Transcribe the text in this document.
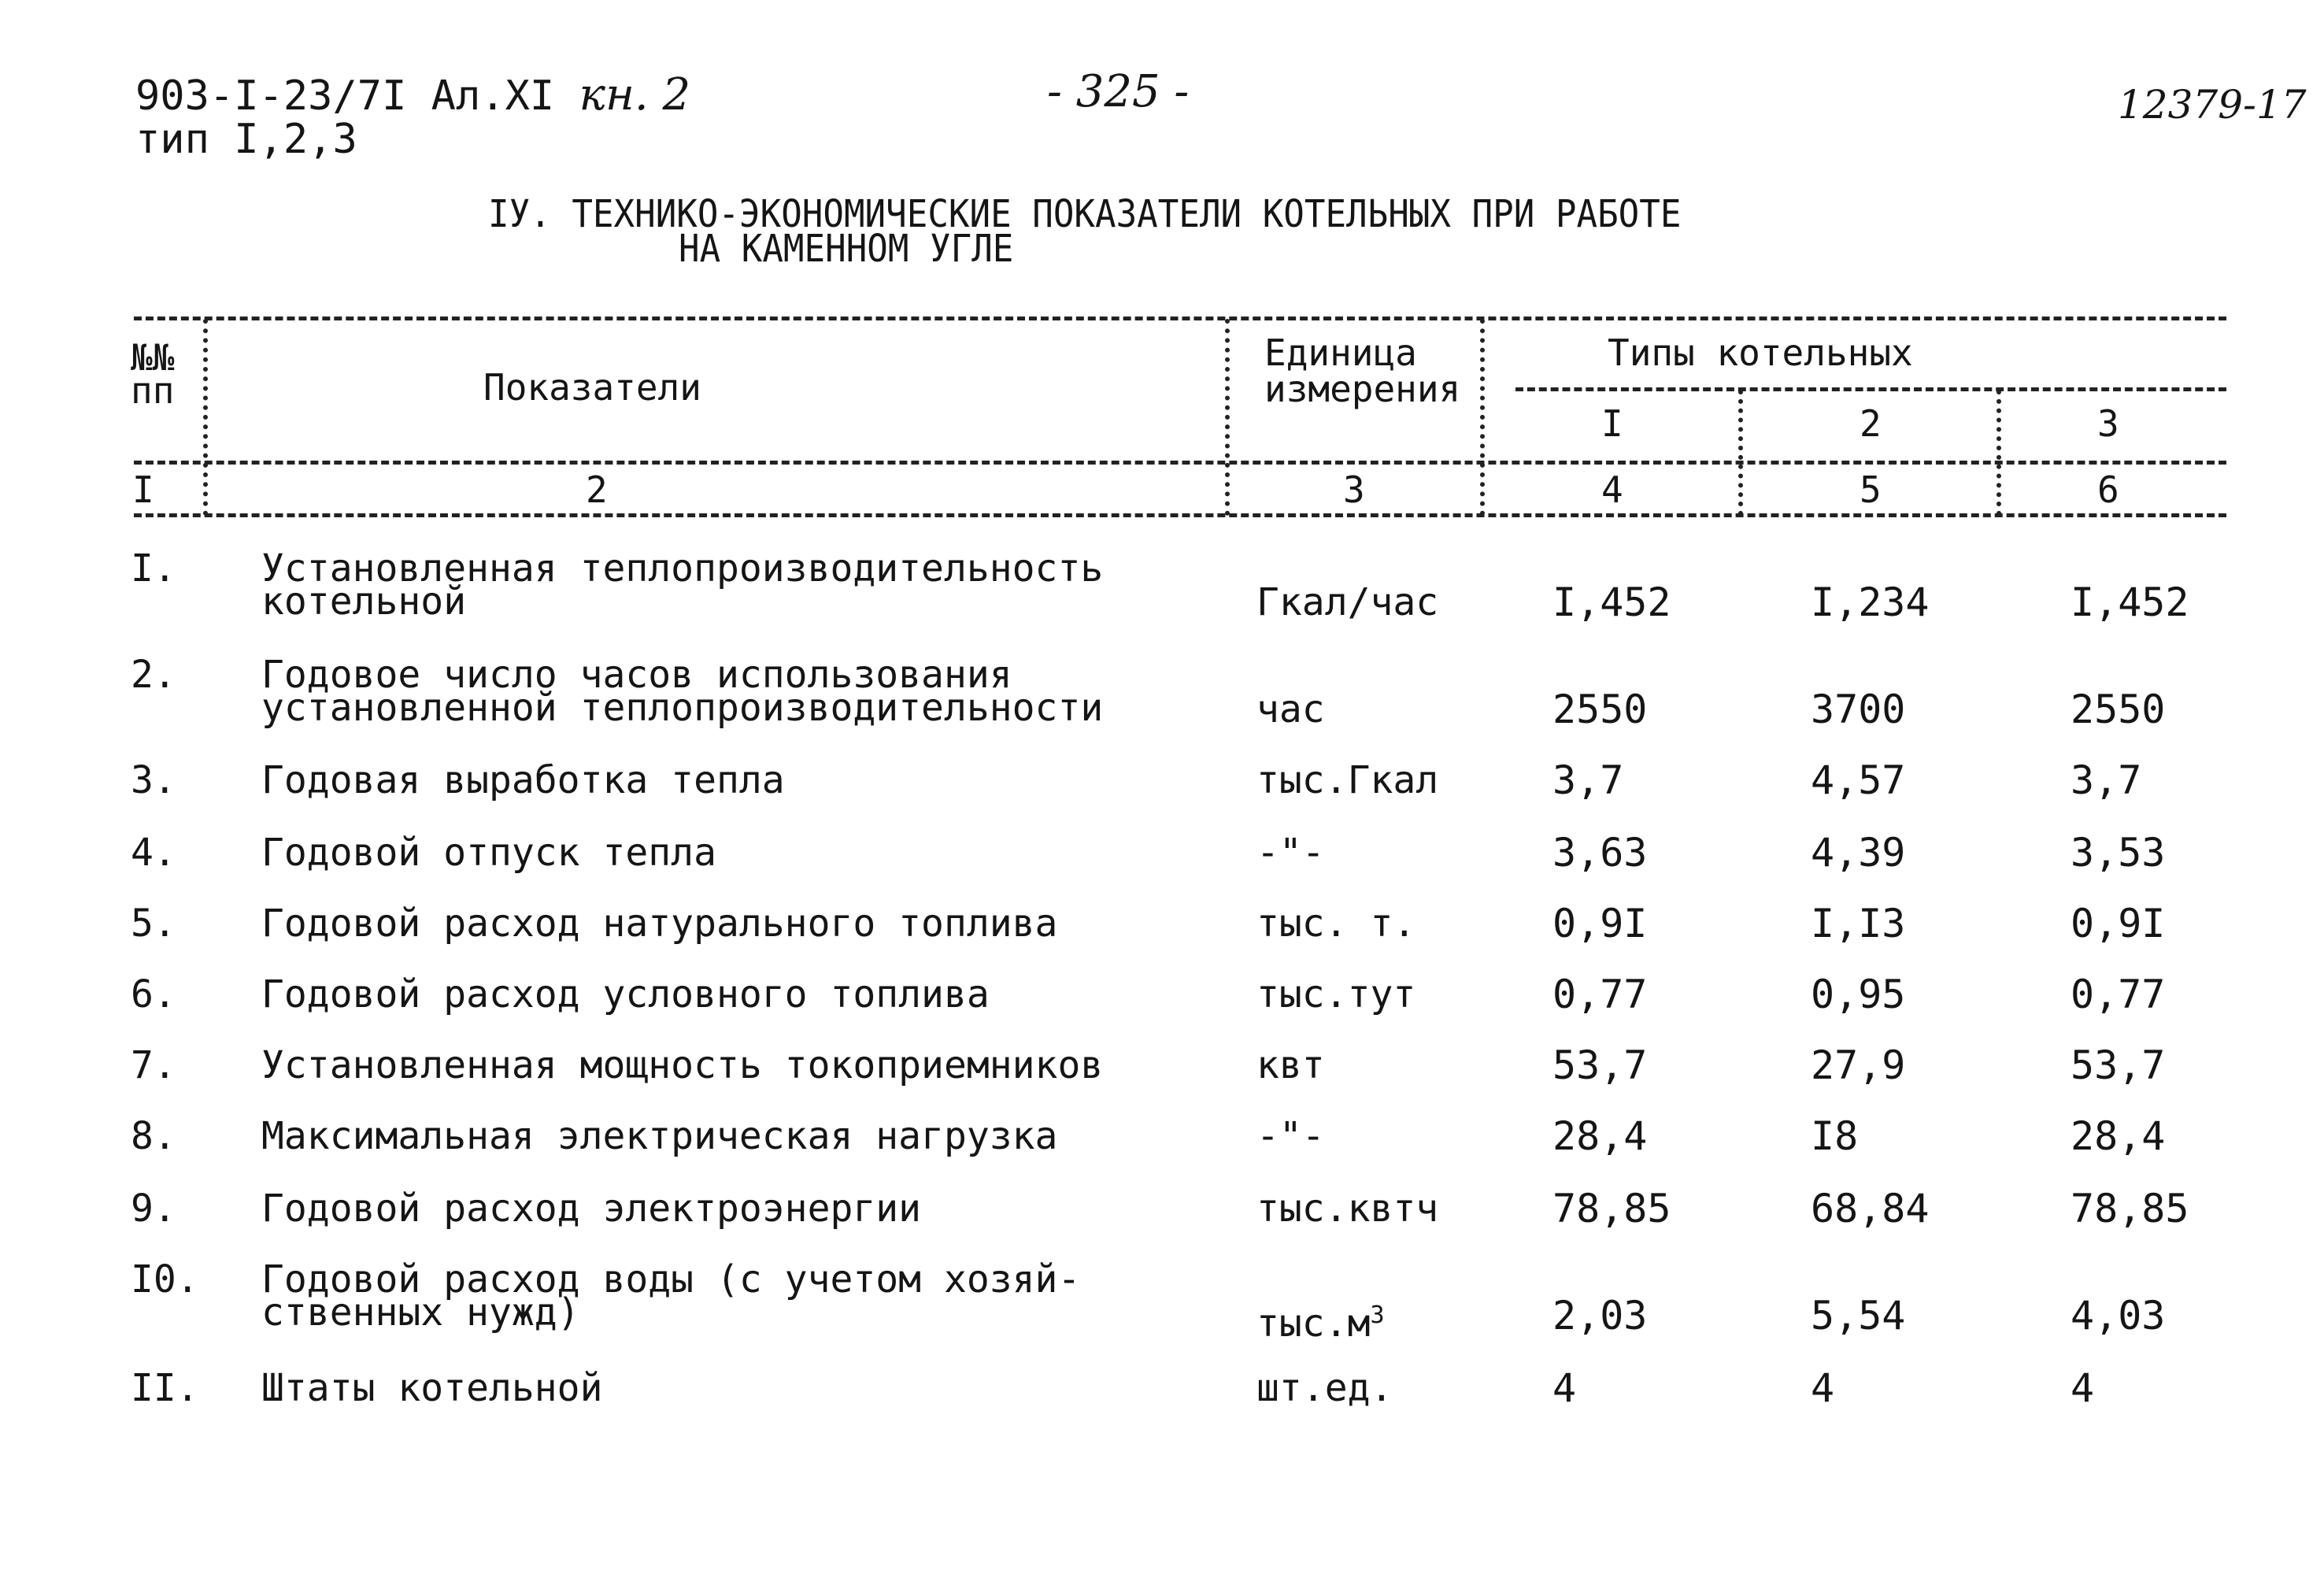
903-I-23/7I Ал.XI кн. 2
тип I,2,3
- 325 -	12379-17
IУ. ТЕХНИКО-ЭКОНОМИЧЕСКИЕ ПОКАЗАТЕЛИ КОТЕЛЬНЫХ ПРИ РАБОТЕ
НА КАМЕННОМ УГЛЕ
№№
пп	Показатели
Единица
измерения
Типы котельных
I	2	3
I	2	3	4	5	6
I. Установленная теплопроизводительность
котельной	Гкал/час	I,452	I,234	I,452
2. Годовое число часов использования
установленной теплопроизводительности	час	2550	3700	2550
3. Годовая выработка тепла	тыс.Гкал	3,7	4,57	3,7
4. Годовой отпуск тепла	-"-	3,63	4,39	3,53
5. Годовой расход натурального топлива	тыс. т.	0,9I	I,I3	0,9I
6. Годовой расход условного топлива	тыс.тут	0,77	0,95	0,77
7. Установленная мощность токоприемников	квт	53,7	27,9	53,7
8. Максимальная электрическая нагрузка	-"-	28,4	I8	28,4
9. Годовой расход электроэнергии	тыс.квтч	78,85	68,84	78,85
I0. Годовой расход воды (с учетом хозяй-
ственных нужд)	$тыс.м^3$	2,03	5,54	4,03
II. Штаты котельной	шт.ед.	4	4	4
